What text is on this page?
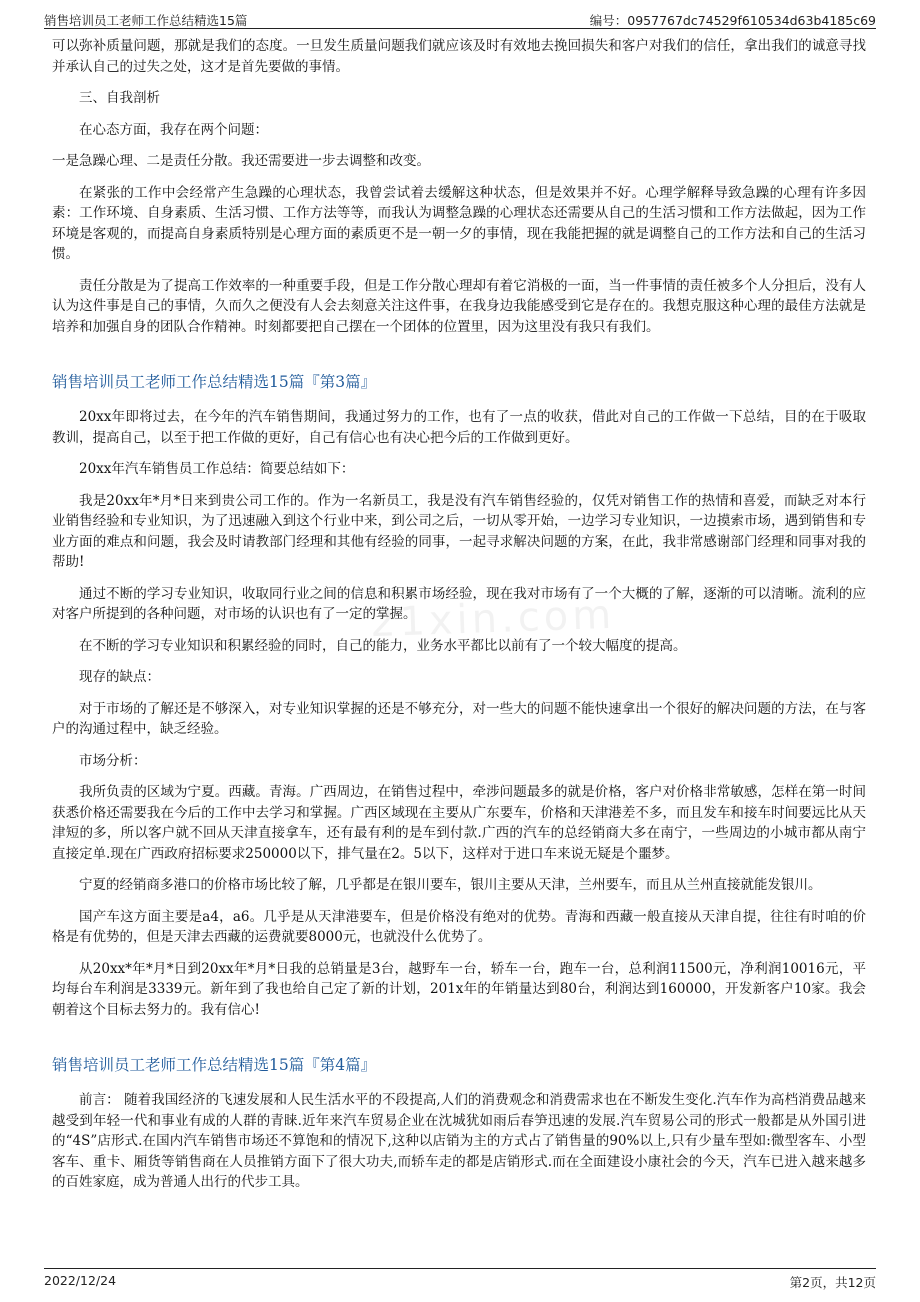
销售培训员工老师工作总结精选15篇	编号：0957767dc74529f610534d63b4185c69

可以弥补质量问题，那就是我们的态度。一旦发生质量问题我们就应该及时有效地去挽回损失和客户对我们的信任，拿出我们的诚意寻找并承认自己的过失之处，这才是首先要做的事情。

三、自我剖析

在心态方面，我存在两个问题：

一是急躁心理、二是责任分散。我还需要进一步去调整和改变。

在紧张的工作中会经常产生急躁的心理状态，我曾尝试着去缓解这种状态，但是效果并不好。心理学解释导致急躁的心理有许多因素：工作环境、自身素质、生活习惯、工作方法等等，而我认为调整急躁的心理状态还需要从自己的生活习惯和工作方法做起，因为工作环境是客观的，而提高自身素质特别是心理方面的素质更不是一朝一夕的事情，现在我能把握的就是调整自己的工作方法和自己的生活习惯。

责任分散是为了提高工作效率的一种重要手段，但是工作分散心理却有着它消极的一面，当一件事情的责任被多个人分担后，没有人认为这件事是自己的事情，久而久之便没有人会去刻意关注这件事，在我身边我能感受到它是存在的。我想克服这种心理的最佳方法就是培养和加强自身的团队合作精神。时刻都要把自己摆在一个团体的位置里，因为这里没有我只有我们。

销售培训员工老师工作总结精选15篇『第3篇』

20xx年即将过去，在今年的汽车销售期间，我通过努力的工作，也有了一点的收获，借此对自己的工作做一下总结，目的在于吸取教训，提高自己，以至于把工作做的更好，自己有信心也有决心把今后的工作做到更好。

20xx年汽车销售员工作总结：简要总结如下：

我是20xx年*月*日来到贵公司工作的。作为一名新员工，我是没有汽车销售经验的，仅凭对销售工作的热情和喜爱，而缺乏对本行业销售经验和专业知识，为了迅速融入到这个行业中来，到公司之后，一切从零开始，一边学习专业知识，一边摸索市场，遇到销售和专业方面的难点和问题，我会及时请教部门经理和其他有经验的同事，一起寻求解决问题的方案，在此，我非常感谢部门经理和同事对我的帮助!

通过不断的学习专业知识，收取同行业之间的信息和积累市场经验，现在我对市场有了一个大概的了解，逐渐的可以清晰。流利的应对客户所提到的各种问题，对市场的认识也有了一定的掌握。

在不断的学习专业知识和积累经验的同时，自己的能力，业务水平都比以前有了一个较大幅度的提高。

现存的缺点：

对于市场的了解还是不够深入，对专业知识掌握的还是不够充分，对一些大的问题不能快速拿出一个很好的解决问题的方法，在与客户的沟通过程中，缺乏经验。

市场分析：

我所负责的区域为宁夏。西藏。青海。广西周边，在销售过程中，牵涉问题最多的就是价格，客户对价格非常敏感，怎样在第一时间获悉价格还需要我在今后的工作中去学习和掌握。广西区域现在主要从广东要车，价格和天津港差不多，而且发车和接车时间要远比从天津短的多，所以客户就不回从天津直接拿车，还有最有利的是车到付款.广西的汽车的总经销商大多在南宁，一些周边的小城市都从南宁直接定单.现在广西政府招标要求250000以下，排气量在2。5以下，这样对于进口车来说无疑是个噩梦。

宁夏的经销商多港口的价格市场比较了解，几乎都是在银川要车，银川主要从天津，兰州要车，而且从兰州直接就能发银川。

国产车这方面主要是a4，a6。几乎是从天津港要车，但是价格没有绝对的优势。青海和西藏一般直接从天津自提，往往有时咱的价格是有优势的，但是天津去西藏的运费就要8000元，也就没什么优势了。

从20xx*年*月*日到20xx年*月*日我的总销量是3台，越野车一台，轿车一台，跑车一台，总利润11500元，净利润10016元，平均每台车利润是3339元。新年到了我也给自己定了新的计划，201x年的年销量达到80台，利润达到160000，开发新客户10家。我会朝着这个目标去努力的。我有信心!

销售培训员工老师工作总结精选15篇『第4篇』

前言： 随着我国经济的飞速发展和人民生活水平的不段提高,人们的消费观念和消费需求也在不断发生变化.汽车作为高档消费品越来越受到年轻一代和事业有成的人群的青睐.近年来汽车贸易企业在沈城犹如雨后春笋迅速的发展.汽车贸易公司的形式一般都是从外国引进的“4S”店形式.在国内汽车销售市场还不算饱和的情况下,这种以店销为主的方式占了销售量的90%以上,只有少量车型如:微型客车、小型客车、重卡、厢货等销售商在人员推销方面下了很大功夫,而轿车走的都是店销形式.而在全面建设小康社会的今天，汽车已进入越来越多的百姓家庭，成为普通人出行的代步工具。

21xin.com
2022/12/24	第2页，共12页
